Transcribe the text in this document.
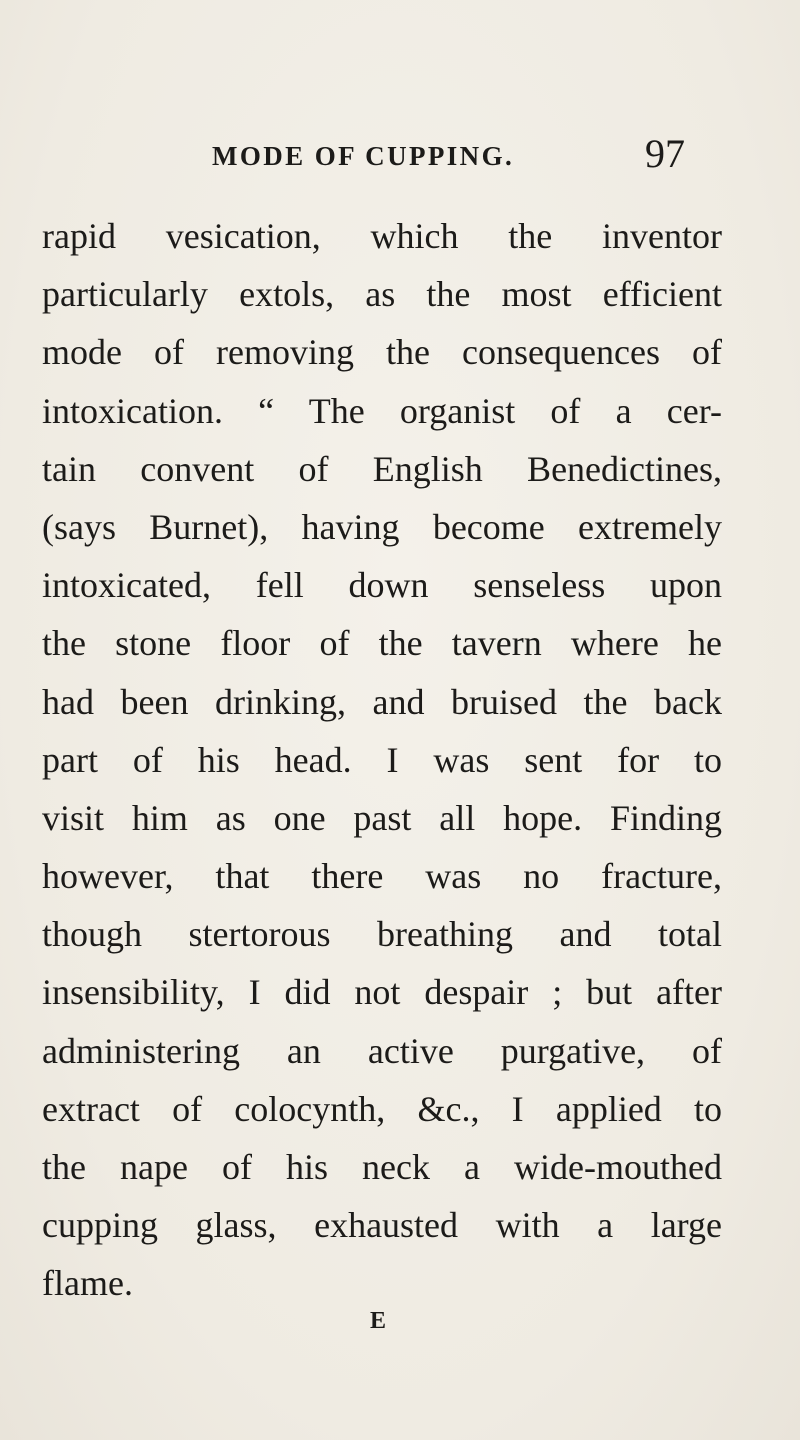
MODE OF CUPPING.	97
rapid vesication, which the inventor
particularly extols, as the most efficient
mode of removing the consequences of
intoxication. “ The organist of a cer-
tain convent of English Benedictines,
(says Burnet), having become extremely
intoxicated, fell down senseless upon
the stone floor of the tavern where he
had been drinking, and bruised the back
part of his head. I was sent for to
visit him as one past all hope. Finding
however, that there was no fracture,
though stertorous breathing and total
insensibility, I did not despair ; but after
administering an active purgative, of
extract of colocynth, &c., I applied to
the nape of his neck a wide-mouthed
cupping glass, exhausted with a large
flame.
E
